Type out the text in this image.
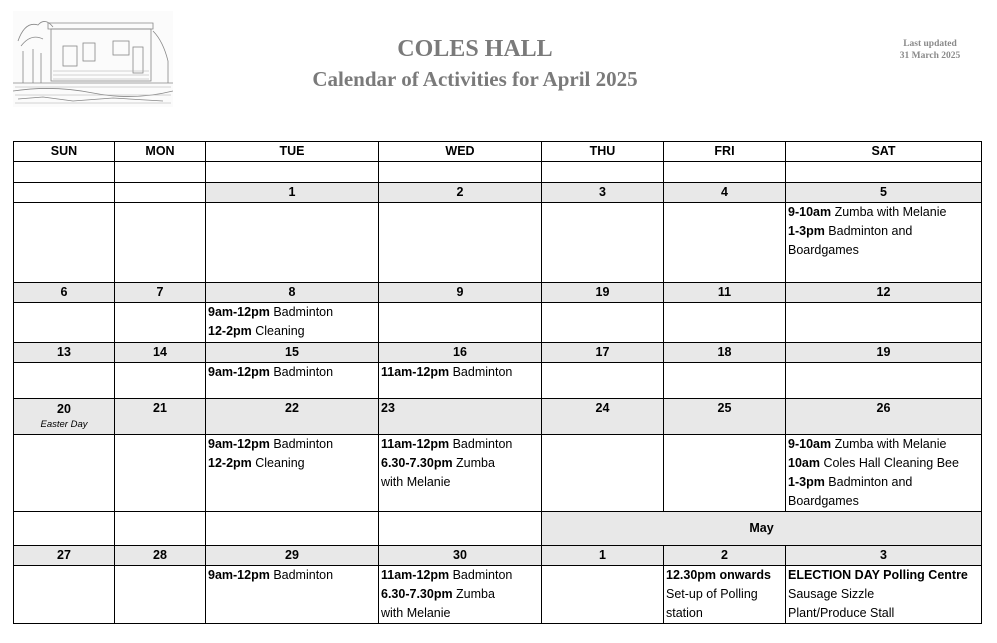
COLES HALL
Calendar of Activities for April 2025
Last updated
31 March 2025
SUN	MON	TUE	WED	THU	FRI	SAT

		1	2	3	4	5

						9-10am Zumba with Melanie
1-3pm Badminton and
Boardgames

6	7	8	9	19	11	12

		9am-12pm Badminton
12-2pm Cleaning				

13	14	15	16	17	18	19

		9am-12pm Badminton	11am-12pm Badminton			

20
Easter Day	21	22	23	24	25	26

		9am-12pm Badminton
12-2pm Cleaning	11am-12pm Badminton
6.30-7.30pm Zumba
with Melanie			9-10am Zumba with Melanie
10am Coles Hall Cleaning Bee
1-3pm Badminton and
Boardgames

				May		
27	28	29	30	1	2	3

		9am-12pm Badminton	11am-12pm Badminton
6.30-7.30pm Zumba
with Melanie		12.30pm onwards
Set-up of Polling
station	ELECTION DAY Polling Centre
Sausage Sizzle
Plant/Produce Stall
